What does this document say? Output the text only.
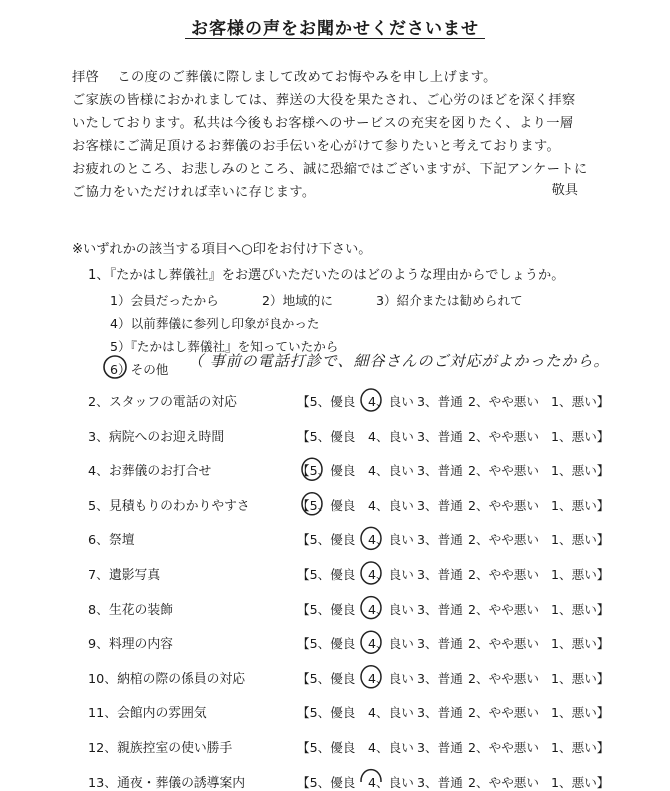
お客様の声をお聞かせくださいませ
拝啓　 この度のご葬儀に際しまして改めてお悔やみを申し上げます。
ご家族の皆様におかれましては、葬送の大役を果たされ、ご心労のほどを深く拝察
いたしております。私共は今後もお客様へのサービスの充実を図りたく、より一層
お客様にご満足頂けるお葬儀のお手伝いを心がけて参りたいと考えております。
お疲れのところ、お悲しみのところ、誠に恐縮ではございますが、下記アンケートに
ご協力をいただければ幸いに存じます。	敬具
※いずれかの該当する項目へ○印をお付け下さい。
1、『たかはし葬儀社』をお選びいただいたのはどのような理由からでしょうか。
1）会員だったから	2）地域的に	3）紹介または勧められて
4）以前葬儀に参列し印象が良かった
5）『たかはし葬儀社』を知っていたから
6）その他 （ 事前の電話打診で、細谷さんのご対応がよかったから。
2、スタッフの電話の対応	【5、優良 4、良い 3、普通 2、やや悪い 1、悪い】
3、病院へのお迎え時間	【5、優良 4、良い 3、普通 2、やや悪い 1、悪い】
4、お葬儀のお打合せ	【5、優良 4、良い 3、普通 2、やや悪い 1、悪い】
5、見積もりのわかりやすさ	【5、優良 4、良い 3、普通 2、やや悪い 1、悪い】
6、祭壇	【5、優良 4、良い 3、普通 2、やや悪い 1、悪い】
7、遺影写真	【5、優良 4、良い 3、普通 2、やや悪い 1、悪い】
8、生花の装飾	【5、優良 4、良い 3、普通 2、やや悪い 1、悪い】
9、料理の内容	【5、優良 4、良い 3、普通 2、やや悪い 1、悪い】
10、納棺の際の係員の対応	【5、優良 4、良い 3、普通 2、やや悪い 1、悪い】
11、会館内の雰囲気	【5、優良 4、良い 3、普通 2、やや悪い 1、悪い】
12、親族控室の使い勝手	【5、優良 4、良い 3、普通 2、やや悪い 1、悪い】
13、通夜・葬儀の誘導案内	【5、優良 4、良い 3、普通 2、やや悪い 1、悪い】
